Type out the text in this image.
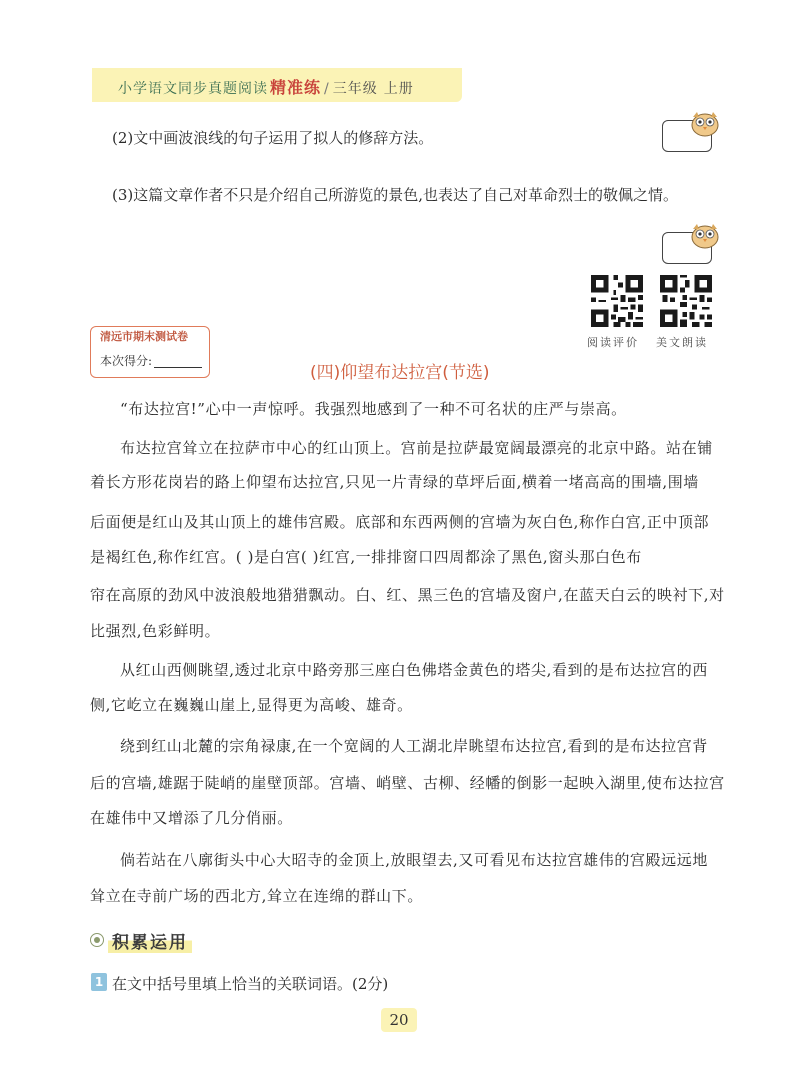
小学语文同步真题阅读 精准练 / 三年级 上册
(2)文中画波浪线的句子运用了拟人的修辞方法。
(3)这篇文章作者不只是介绍自己所游览的景色,也表达了自己对革命烈士的敬佩之情。
阅读评价 美文朗读
清远市期末测试卷
本次得分:
(四)仰望布达拉宫(节选)
“布达拉宫!”心中一声惊呼。我强烈地感到了一种不可名状的庄严与崇高。
布达拉宫耸立在拉萨市中心的红山顶上。宫前是拉萨最宽阔最漂亮的北京中路。站在铺
着长方形花岗岩的路上仰望布达拉宫,只见一片青绿的草坪后面,横着一堵高高的围墙,围墙
后面便是红山及其山顶上的雄伟宫殿。底部和东西两侧的宫墙为灰白色,称作白宫,正中顶部
是褐红色,称作红宫。( )是白宫( )红宫,一排排窗口四周都涂了黑色,窗头那白色布
帘在高原的劲风中波浪般地猎猎飘动。白、红、黑三色的宫墙及窗户,在蓝天白云的映衬下,对
比强烈,色彩鲜明。
从红山西侧眺望,透过北京中路旁那三座白色佛塔金黄色的塔尖,看到的是布达拉宫的西
侧,它屹立在巍巍山崖上,显得更为高峻、雄奇。
绕到红山北麓的宗角禄康,在一个宽阔的人工湖北岸眺望布达拉宫,看到的是布达拉宫背
后的宫墙,雄踞于陡峭的崖壁顶部。宫墙、峭壁、古柳、经幡的倒影一起映入湖里,使布达拉宫
在雄伟中又增添了几分俏丽。
倘若站在八廓街头中心大昭寺的金顶上,放眼望去,又可看见布达拉宫雄伟的宫殿远远地
耸立在寺前广场的西北方,耸立在连绵的群山下。
积累运用
1 在文中括号里填上恰当的关联词语。(2分)
20
